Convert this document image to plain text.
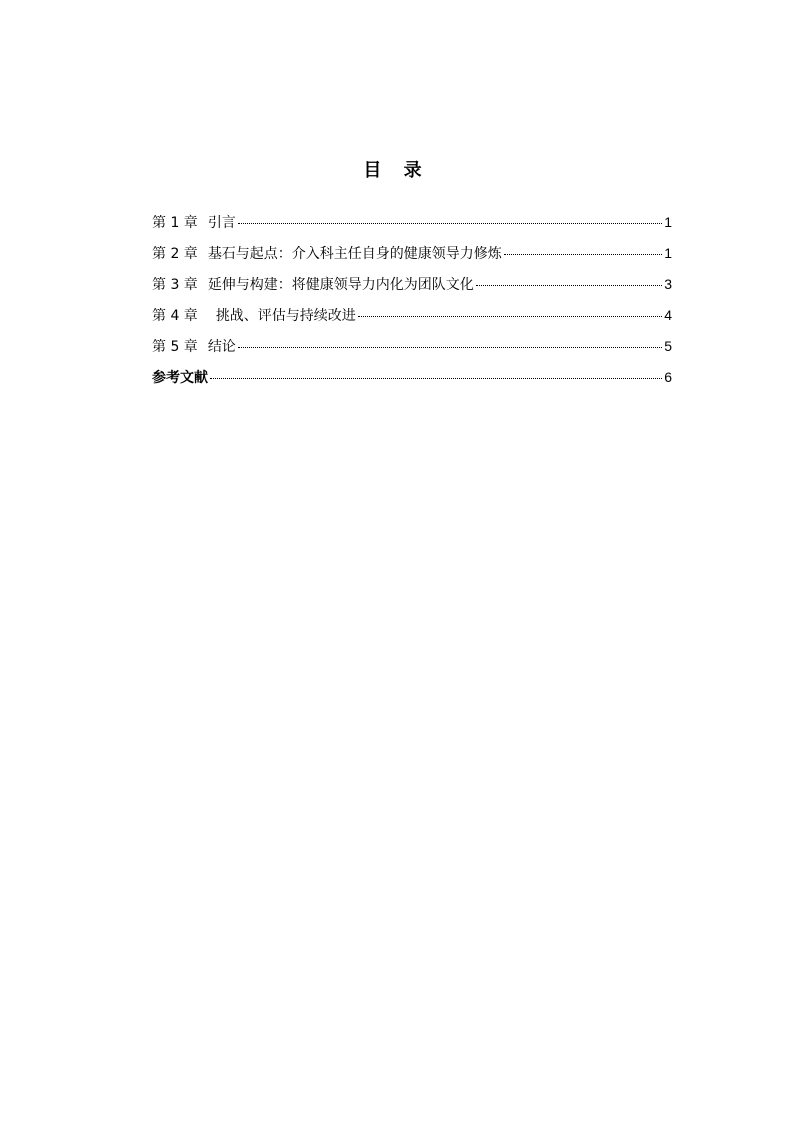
目 录
第 1 章 引言	1
第 2 章 基石与起点：介入科主任自身的健康领导力修炼	1
第 3 章 延伸与构建：将健康领导力内化为团队文化	3
第 4 章 挑战、评估与持续改进	4
第 5 章 结论	5
参考文献	6
